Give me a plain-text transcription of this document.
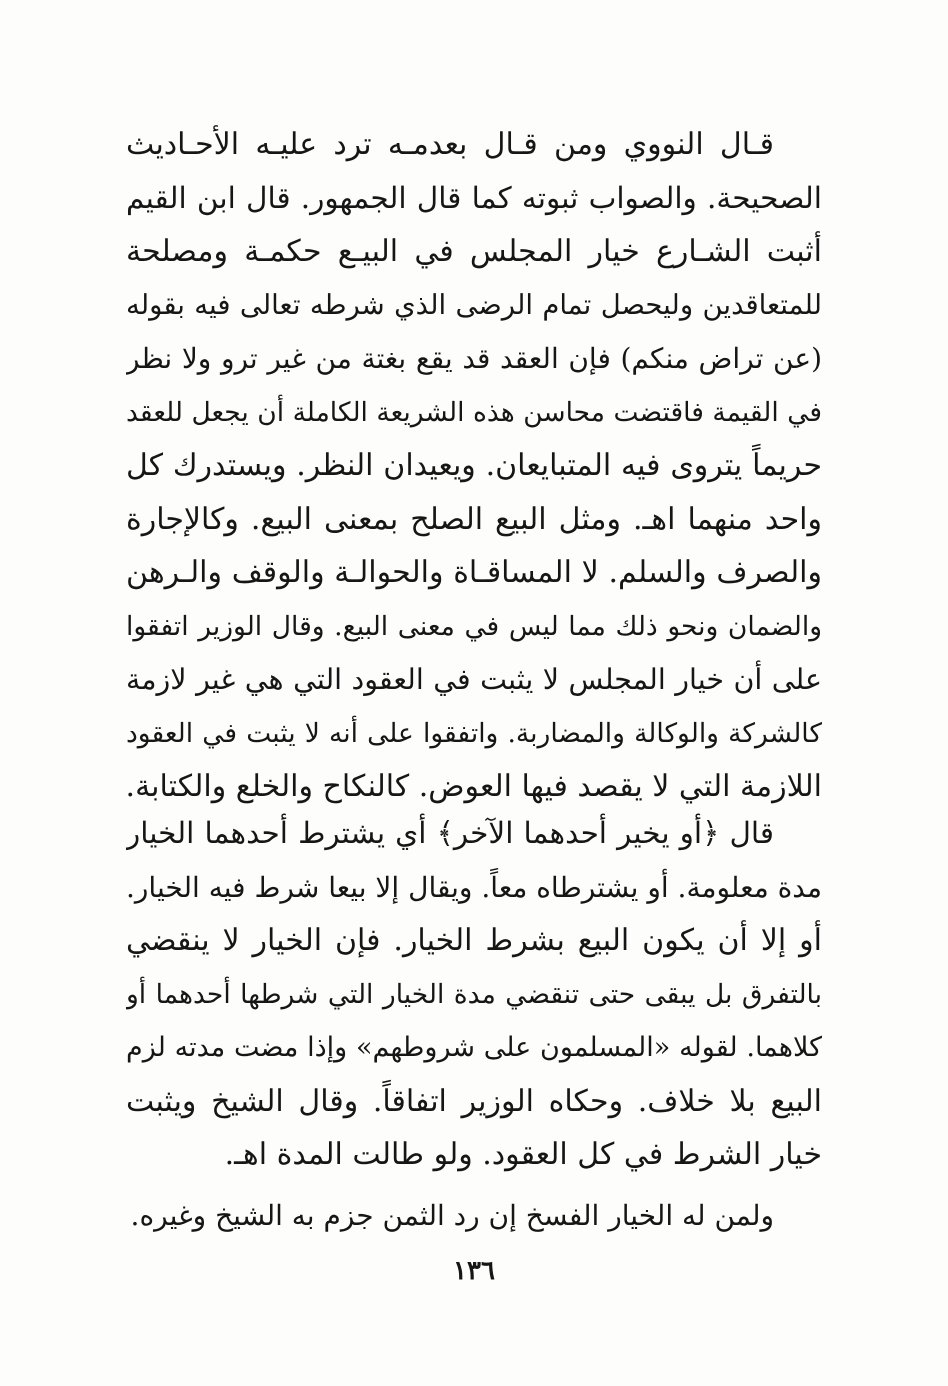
قـال النووي ومن قـال بعدمـه ترد عليـه الأحـاديث
الصحيحة. والصواب ثبوته كما قال الجمهور. قال ابن القيم
أثبت الشـارع خيار المجلس في البيـع حكمـة ومصلحة
للمتعاقدين وليحصل تمام الرضى الذي شرطه تعالى فيه بقوله
(عن تراض منكم) فإن العقد قد يقع بغتة من غير ترو ولا نظر
في القيمة فاقتضت محاسن هذه الشريعة الكاملة أن يجعل للعقد
حريماً يتروى فيه المتبايعان. ويعيدان النظر. ويستدرك كل
واحد منهما اهـ. ومثل البيع الصلح بمعنى البيع. وكالإجارة
والصرف والسلم. لا المساقـاة والحوالـة والوقف والـرهن
والضمان ونحو ذلك مما ليس في معنى البيع. وقال الوزير اتفقوا
على أن خيار المجلس لا يثبت في العقود التي هي غير لازمة
كالشركة والوكالة والمضاربة. واتفقوا على أنه لا يثبت في العقود
اللازمة التي لا يقصد فيها العوض. كالنكاح والخلع والكتابة.
قال ﴿أو يخير أحدهما الآخر﴾ أي يشترط أحدهما الخيار
مدة معلومة. أو يشترطاه معاً. ويقال إلا بيعا شرط فيه الخيار.
أو إلا أن يكون البيع بشرط الخيار. فإن الخيار لا ينقضي
بالتفرق بل يبقى حتى تنقضي مدة الخيار التي شرطها أحدهما أو
كلاهما. لقوله «المسلمون على شروطهم» وإذا مضت مدته لزم
البيع بلا خلاف. وحكاه الوزير اتفاقاً. وقال الشيخ ويثبت
خيار الشرط في كل العقود. ولو طالت المدة اهـ.
ولمن له الخيار الفسخ إن رد الثمن جزم به الشيخ وغيره.
١٣٦
